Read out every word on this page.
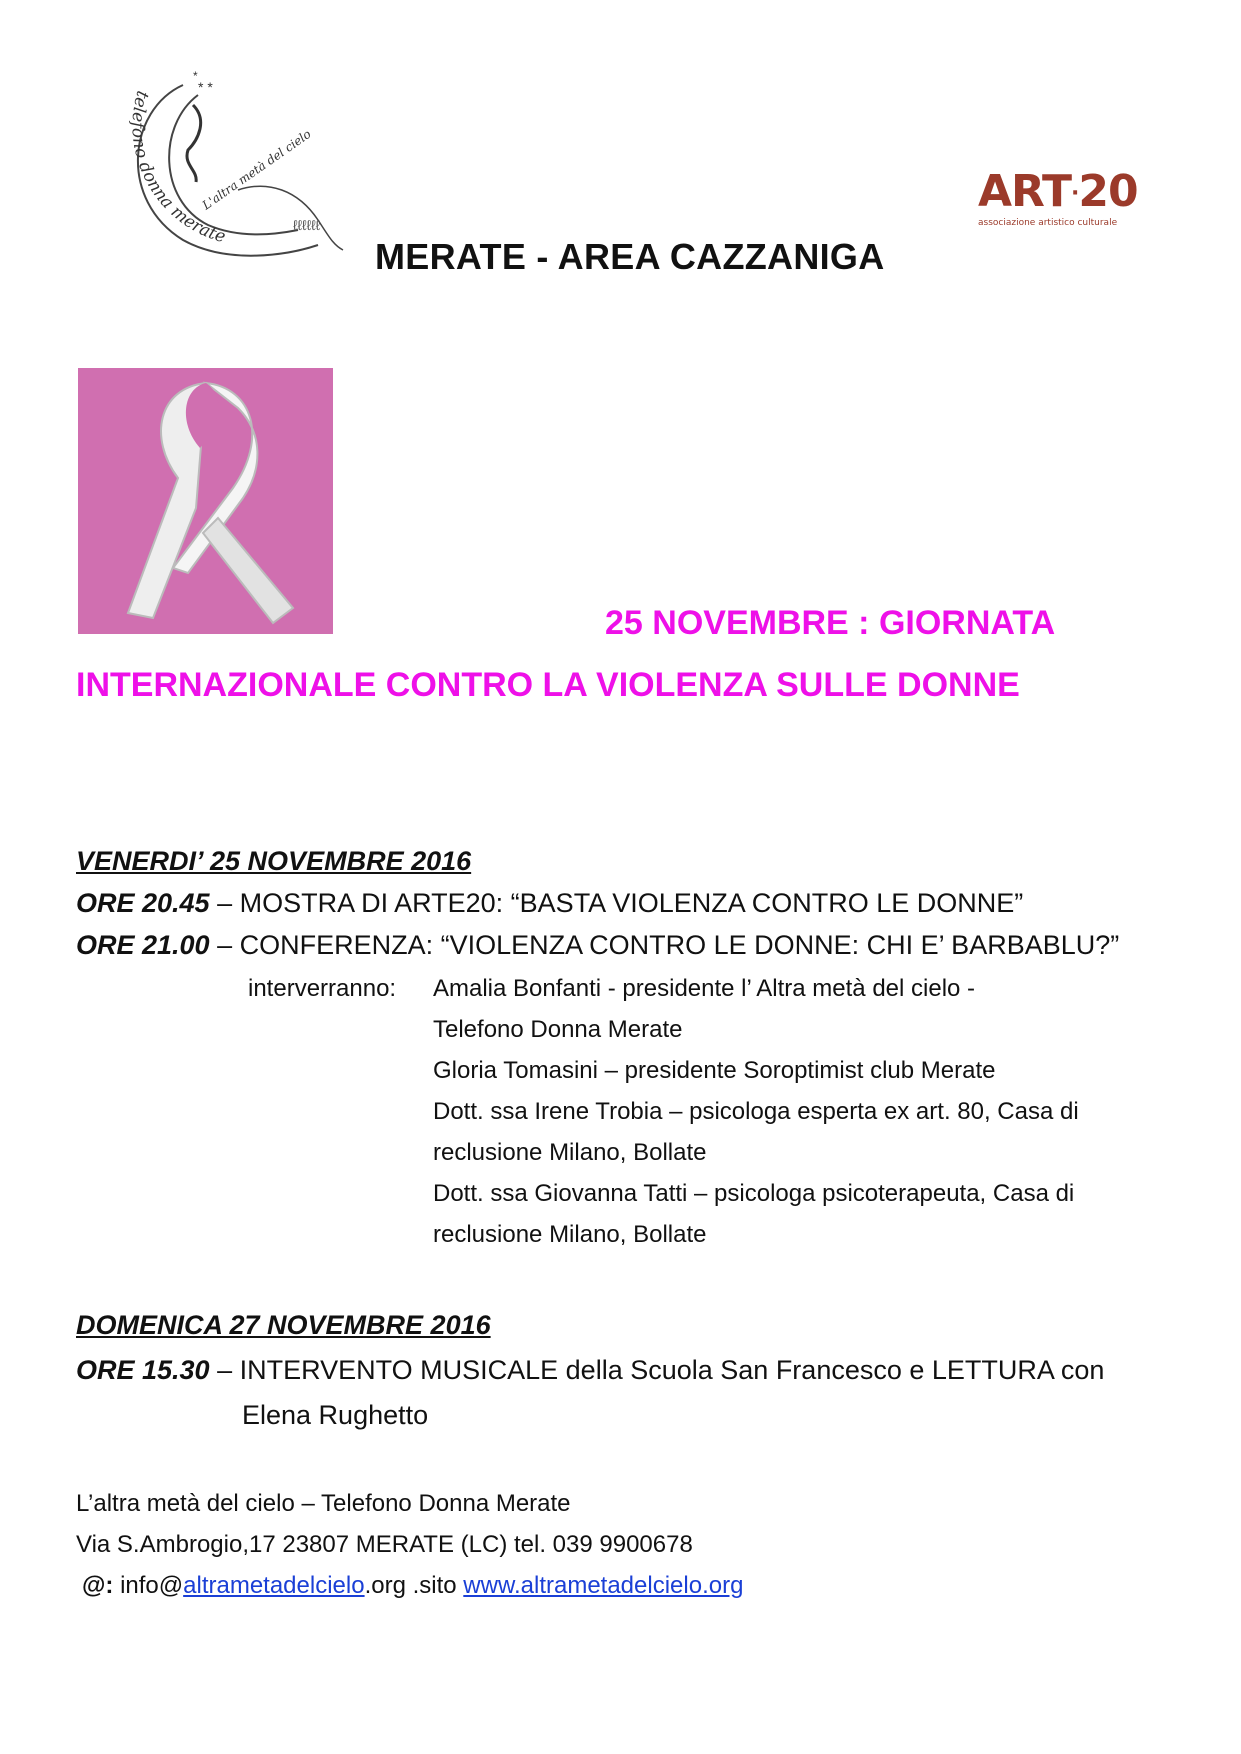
* *
*
telefono donna merate
L'altra metà del cielo
ℓℓℓℓℓℓ
ART·20
associazione artistico culturale
MERATE - AREA CAZZANIGA
25 NOVEMBRE : GIORNATA
INTERNAZIONALE CONTRO LA VIOLENZA SULLE DONNE
VENERDI’ 25 NOVEMBRE 2016
ORE 20.45 – MOSTRA DI ARTE20: “BASTA VIOLENZA CONTRO LE DONNE”
ORE 21.00 – CONFERENZA: “VIOLENZA CONTRO LE DONNE: CHI E’ BARBABLU?”
interverranno: Amalia Bonfanti - presidente l’ Altra metà del cielo -
Telefono Donna Merate
Gloria Tomasini – presidente Soroptimist club Merate
Dott. ssa Irene Trobia – psicologa esperta ex art. 80, Casa di
reclusione Milano, Bollate
Dott. ssa Giovanna Tatti – psicologa psicoterapeuta, Casa di
reclusione Milano, Bollate
DOMENICA 27 NOVEMBRE 2016
ORE 15.30 – INTERVENTO MUSICALE della Scuola San Francesco e LETTURA con
Elena Rughetto
L’altra metà del cielo – Telefono Donna Merate
Via S.Ambrogio,17 23807 MERATE (LC) tel. 039 9900678
@: info@altrametadelcielo.org .sito www.altrametadelcielo.org
